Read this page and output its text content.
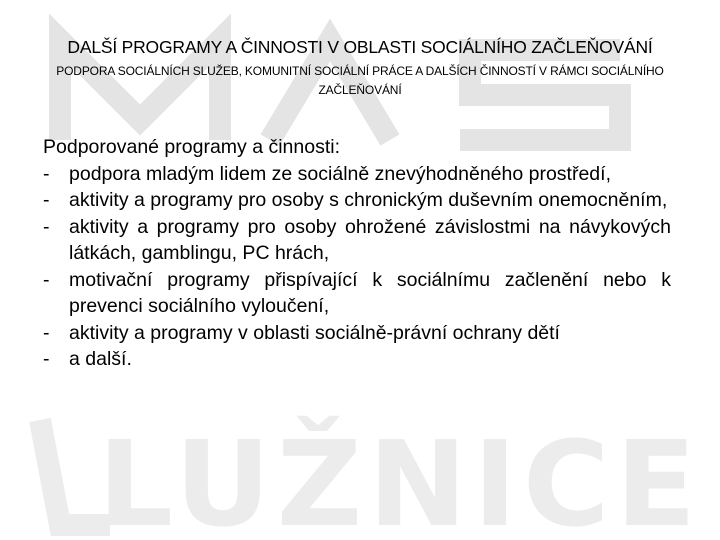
MAS
LUŽNICE
DALŠÍ PROGRAMY A ČINNOSTI V OBLASTI SOCIÁLNÍHO ZAČLEŇOVÁNÍ
PODPORA SOCIÁLNÍCH SLUŽEB, KOMUNITNÍ SOCIÁLNÍ PRÁCE A DALŠÍCH ČINNOSTÍ V RÁMCI SOCIÁLNÍHO ZAČLEŇOVÁNÍ

Podporované programy a činnosti:

- podpora mladým lidem ze sociálně znevýhodněného prostředí,
- aktivity a programy pro osoby s chronickým duševním onemocněním,
- aktivity a programy pro osoby ohrožené závislostmi na návykových látkách, gamblingu, PC hrách,
- motivační programy přispívající k sociálnímu začlenění nebo k prevenci sociálního vyloučení,
- aktivity a programy v oblasti sociálně-právní ochrany dětí
- a další.
